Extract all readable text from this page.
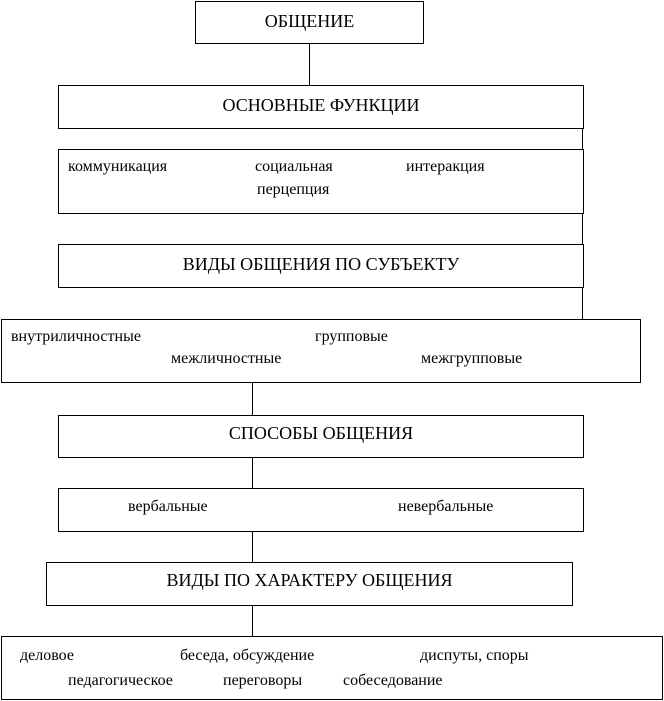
ОБЩЕНИЕ
ОСНОВНЫЕ ФУНКЦИИ
коммуникация	социальная
перцепция
интеракция
ВИДЫ ОБЩЕНИЯ ПО СУБЪЕКТУ
внутриличностные	групповые
межличностные	межгрупповые
СПОСОБЫ ОБЩЕНИЯ
вербальные	невербальные
ВИДЫ ПО ХАРАКТЕРУ ОБЩЕНИЯ
деловое	беседа, обсуждение	диспуты, споры
педагогическое	переговоры	собеседование
